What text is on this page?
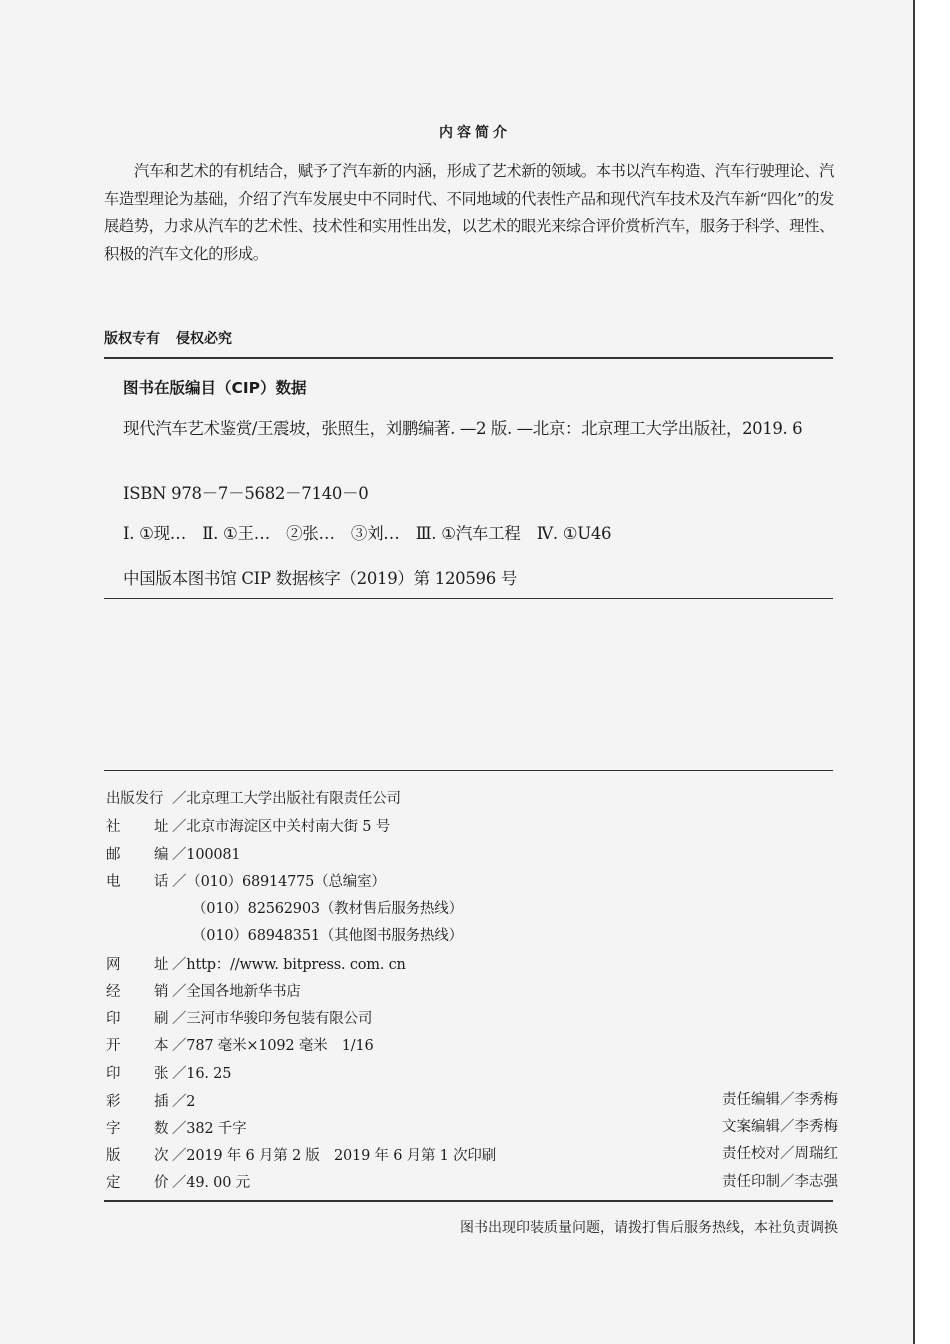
内容简介
汽车和艺术的有机结合，赋予了汽车新的内涵，形成了艺术新的领域。本书以汽车构造、汽车行驶理论、汽车造型理论为基础，介绍了汽车发展史中不同时代、不同地域的代表性产品和现代汽车技术及汽车新“四化”的发展趋势，力求从汽车的艺术性、技术性和实用性出发，以艺术的眼光来综合评价赏析汽车，服务于科学、理性、积极的汽车文化的形成。
版权专有 侵权必究
图书在版编目（CIP）数据
现代汽车艺术鉴赏/王震坡，张照生，刘鹏编著. —2 版. —北京：北京理工大学出版社，2019. 6
ISBN 978－7－5682－7140－0
Ⅰ. ①现…　Ⅱ. ①王…　②张…　③刘…　Ⅲ. ①汽车工程　Ⅳ. ①U46
中国版本图书馆 CIP 数据核字（2019）第 120596 号
出版发行 ／北京理工大学出版社有限责任公司
社 址 ／北京市海淀区中关村南大街 5 号
邮 编 ／100081
电 话 ／（010）68914775（总编室）
（010）82562903（教材售后服务热线）
（010）68948351（其他图书服务热线）
网 址 ／http：//www. bitpress. com. cn
经 销 ／全国各地新华书店
印 刷 ／三河市华骏印务包装有限公司
开 本 ／787 毫米×1092 毫米　1/16
印 张 ／16. 25
彩 插 ／2
字 数 ／382 千字
版 次 ／2019 年 6 月第 2 版　2019 年 6 月第 1 次印刷
定 价 ／49. 00 元
责任编辑／李秀梅
文案编辑／李秀梅
责任校对／周瑞红
责任印制／李志强
图书出现印装质量问题，请拨打售后服务热线，本社负责调换
